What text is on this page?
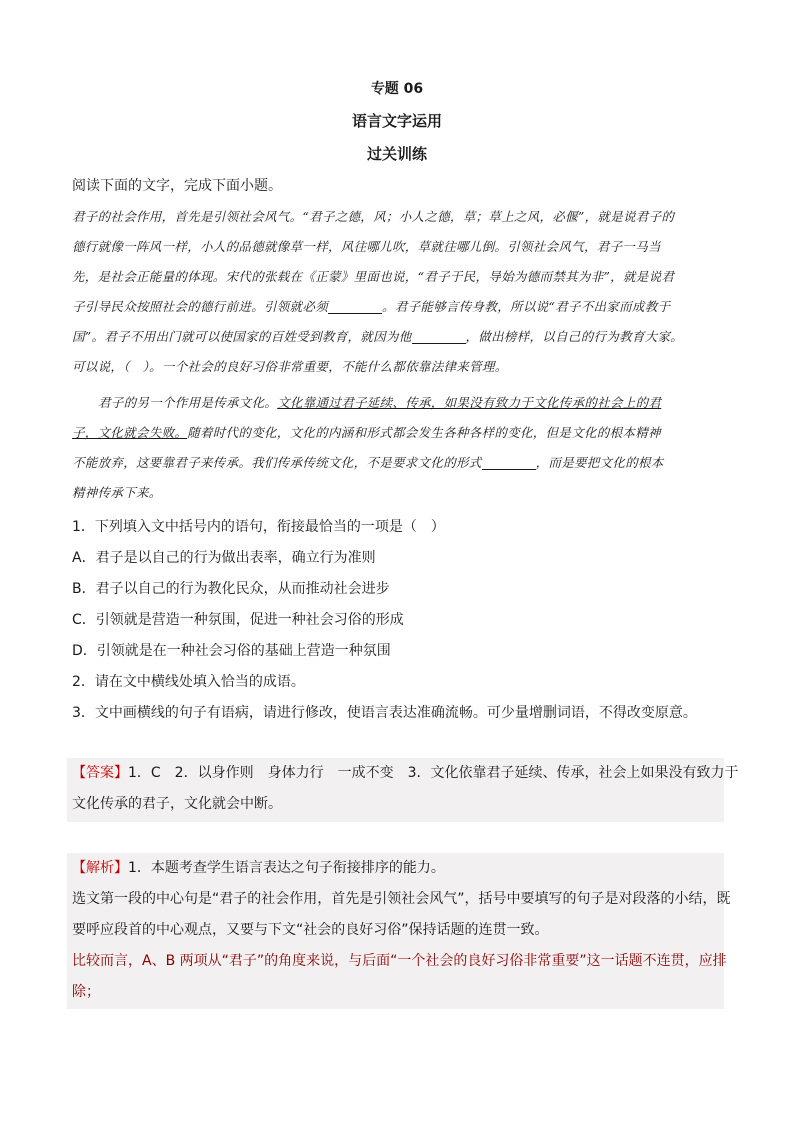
专题 06
语言文字运用
过关训练
阅读下面的文字，完成下面小题。
君子的社会作用，首先是引领社会风气。“君子之德，风；小人之德，草；草上之风，必偃”，就是说君子的
德行就像一阵风一样，小人的品德就像草一样，风往哪儿吹，草就往哪儿倒。引领社会风气，君子一马当
先，是社会正能量的体现。宋代的张载在《正蒙》里面也说，“君子于民，导始为德而禁其为非”，就是说君
子引导民众按照社会的德行前进。引领就必须	。君子能够言传身教，所以说“君子不出家而成教于
国”。君子不用出门就可以使国家的百姓受到教育，就因为他	，做出榜样，以自己的行为教育大家。
可以说，（　）。一个社会的良好习俗非常重要，不能什么都依靠法律来管理。
君子的另一个作用是传承文化。文化靠通过君子延续、传承，如果没有致力于文化传承的社会上的君
子，文化就会失败。随着时代的变化，文化的内涵和形式都会发生各种各样的变化，但是文化的根本精神
不能放弃，这要靠君子来传承。我们传承传统文化，不是要求文化的形式	，而是要把文化的根本
精神传承下来。
1．下列填入文中括号内的语句，衔接最恰当的一项是（　）
A．君子是以自己的行为做出表率，确立行为准则
B．君子以自己的行为教化民众，从而推动社会进步
C．引领就是营造一种氛围，促进一种社会习俗的形成
D．引领就是在一种社会习俗的基础上营造一种氛围
2．请在文中横线处填入恰当的成语。
3．文中画横线的句子有语病，请进行修改，使语言表达准确流畅。可少量增删词语，不得改变原意。
【答案】1．C　2．以身作则　身体力行　一成不变　3．文化依靠君子延续、传承，社会上如果没有致力于
文化传承的君子，文化就会中断。
【解析】1．本题考查学生语言表达之句子衔接排序的能力。
选文第一段的中心句是“君子的社会作用，首先是引领社会风气”，括号中要填写的句子是对段落的小结，既
要呼应段首的中心观点，又要与下文“社会的良好习俗”保持话题的连贯一致。
比较而言，A、B 两项从“君子”的角度来说，与后面“一个社会的良好习俗非常重要”这一话题不连贯，应排
除；
